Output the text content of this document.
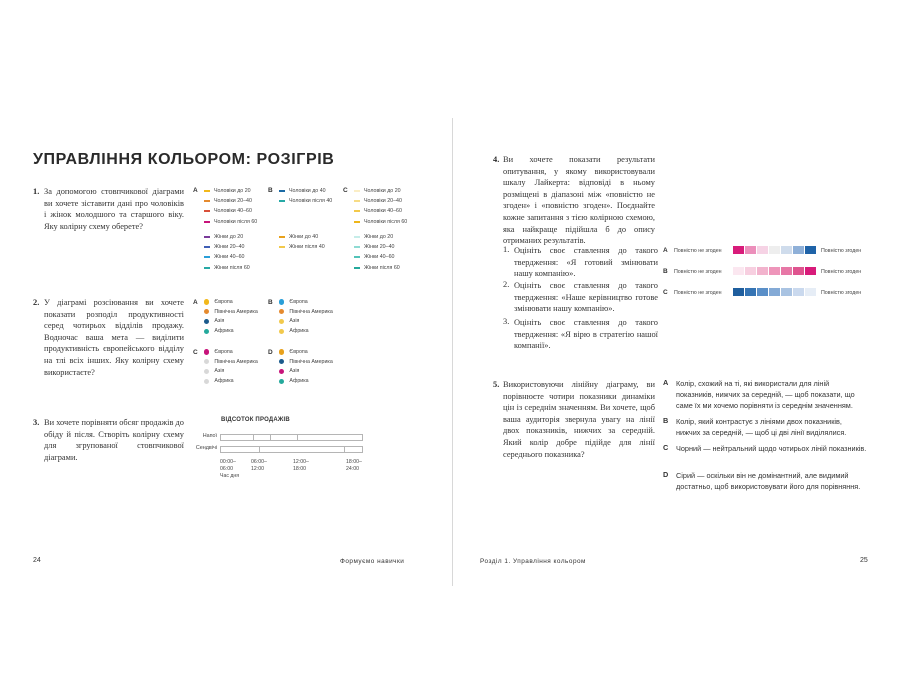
УПРАВЛІННЯ КОЛЬОРОМ: РОЗІГРІВ
1. За допомогою стовпчикової діаграми ви хочете зіставити дані про чоловіків і жінок молодшого та старшого віку. Яку колірну схему оберете?
A	Чоловіки до 20
Чоловіки 20–40
Чоловіки 40–60
Чоловіки після 60
Жінки до 20
Жінки 20–40
Жінки 40–60
Жінки після 60
B	Чоловіки до 40
Чоловіки після 40
Жінки до 40
Жінки після 40
C	Чоловіки до 20
Чоловіки 20–40
Чоловіки 40–60
Чоловіки після 60
Жінки до 20
Жінки 20–40
Жінки 40–60
Жінки після 60
2. У діаграмі розсіювання ви хочете показати розподіл продуктивності серед чотирьох відділів продажу. Водночас ваша мета — виділити продуктивність європейського відділу на тлі всіх інших. Яку колірну схему використаєте?
A	Європа
Північна Америка
Азія
Африка
B	Європа
Північна Америка
Азія
Африка
C	Європа
Північна Америка
Азія
Африка
D	Європа
Північна Америка
Азія
Африка
3. Ви хочете порівняти обсяг продажів до обіду й після. Створіть колірну схему для згрупованої стовпчикової діаграми.
ВІДСОТОК ПРОДАЖІВ
Напої
Сендвічі
00:00–
06:00
06:00–
12:00
12:00–
18:00
18:00–
24:00
Час дня
24	Формуємо навички
4. Ви хочете показати результати опитування, у якому використовували шкалу Лайкерта: відповіді в ньому розміщені в діапазоні між «повністю не згоден» і «повністю згоден». Поєднайте кожне запитання з тією колірною схемою, яка найкраще підійшла б до опису отриманих результатів.
1. Оцініть своє ставлення до такого твердження: «Я готовий змінювати нашу компанію».
2. Оцініть своє ставлення до такого твердження: «Наше керівництво готове змінювати нашу компанію».
3. Оцініть своє ставлення до такого твердження: «Я вірю в стратегію нашої компанії».
A Повністю не згоден	Повністю згоден
B Повністю не згоден	Повністю згоден
C Повністю не згоден	Повністю згоден
5. Використовуючи лінійну діаграму, ви порівнюєте чотири показники динаміки цін із середнім значенням. Ви хочете, щоб ваша аудиторія звернула увагу на лінії двох показників, нижчих за середній. Який колір добре підійде для лінії середнього показника?
A Колір, схожий на ті, які використали для ліній показників, нижчих за середній, — щоб показати, що саме їх ми хочемо порівняти із середнім значенням.
B Колір, який контрастує з лініями двох показників, нижчих за середній, — щоб ці дві лінії виділялися.
C Чорний — нейтральний щодо чотирьох ліній показників.
D Сірий — оскільки він не домінантний, але видимий достатньо, щоб використовувати його для порівняння.
Розділ 1. Управління кольором	25
